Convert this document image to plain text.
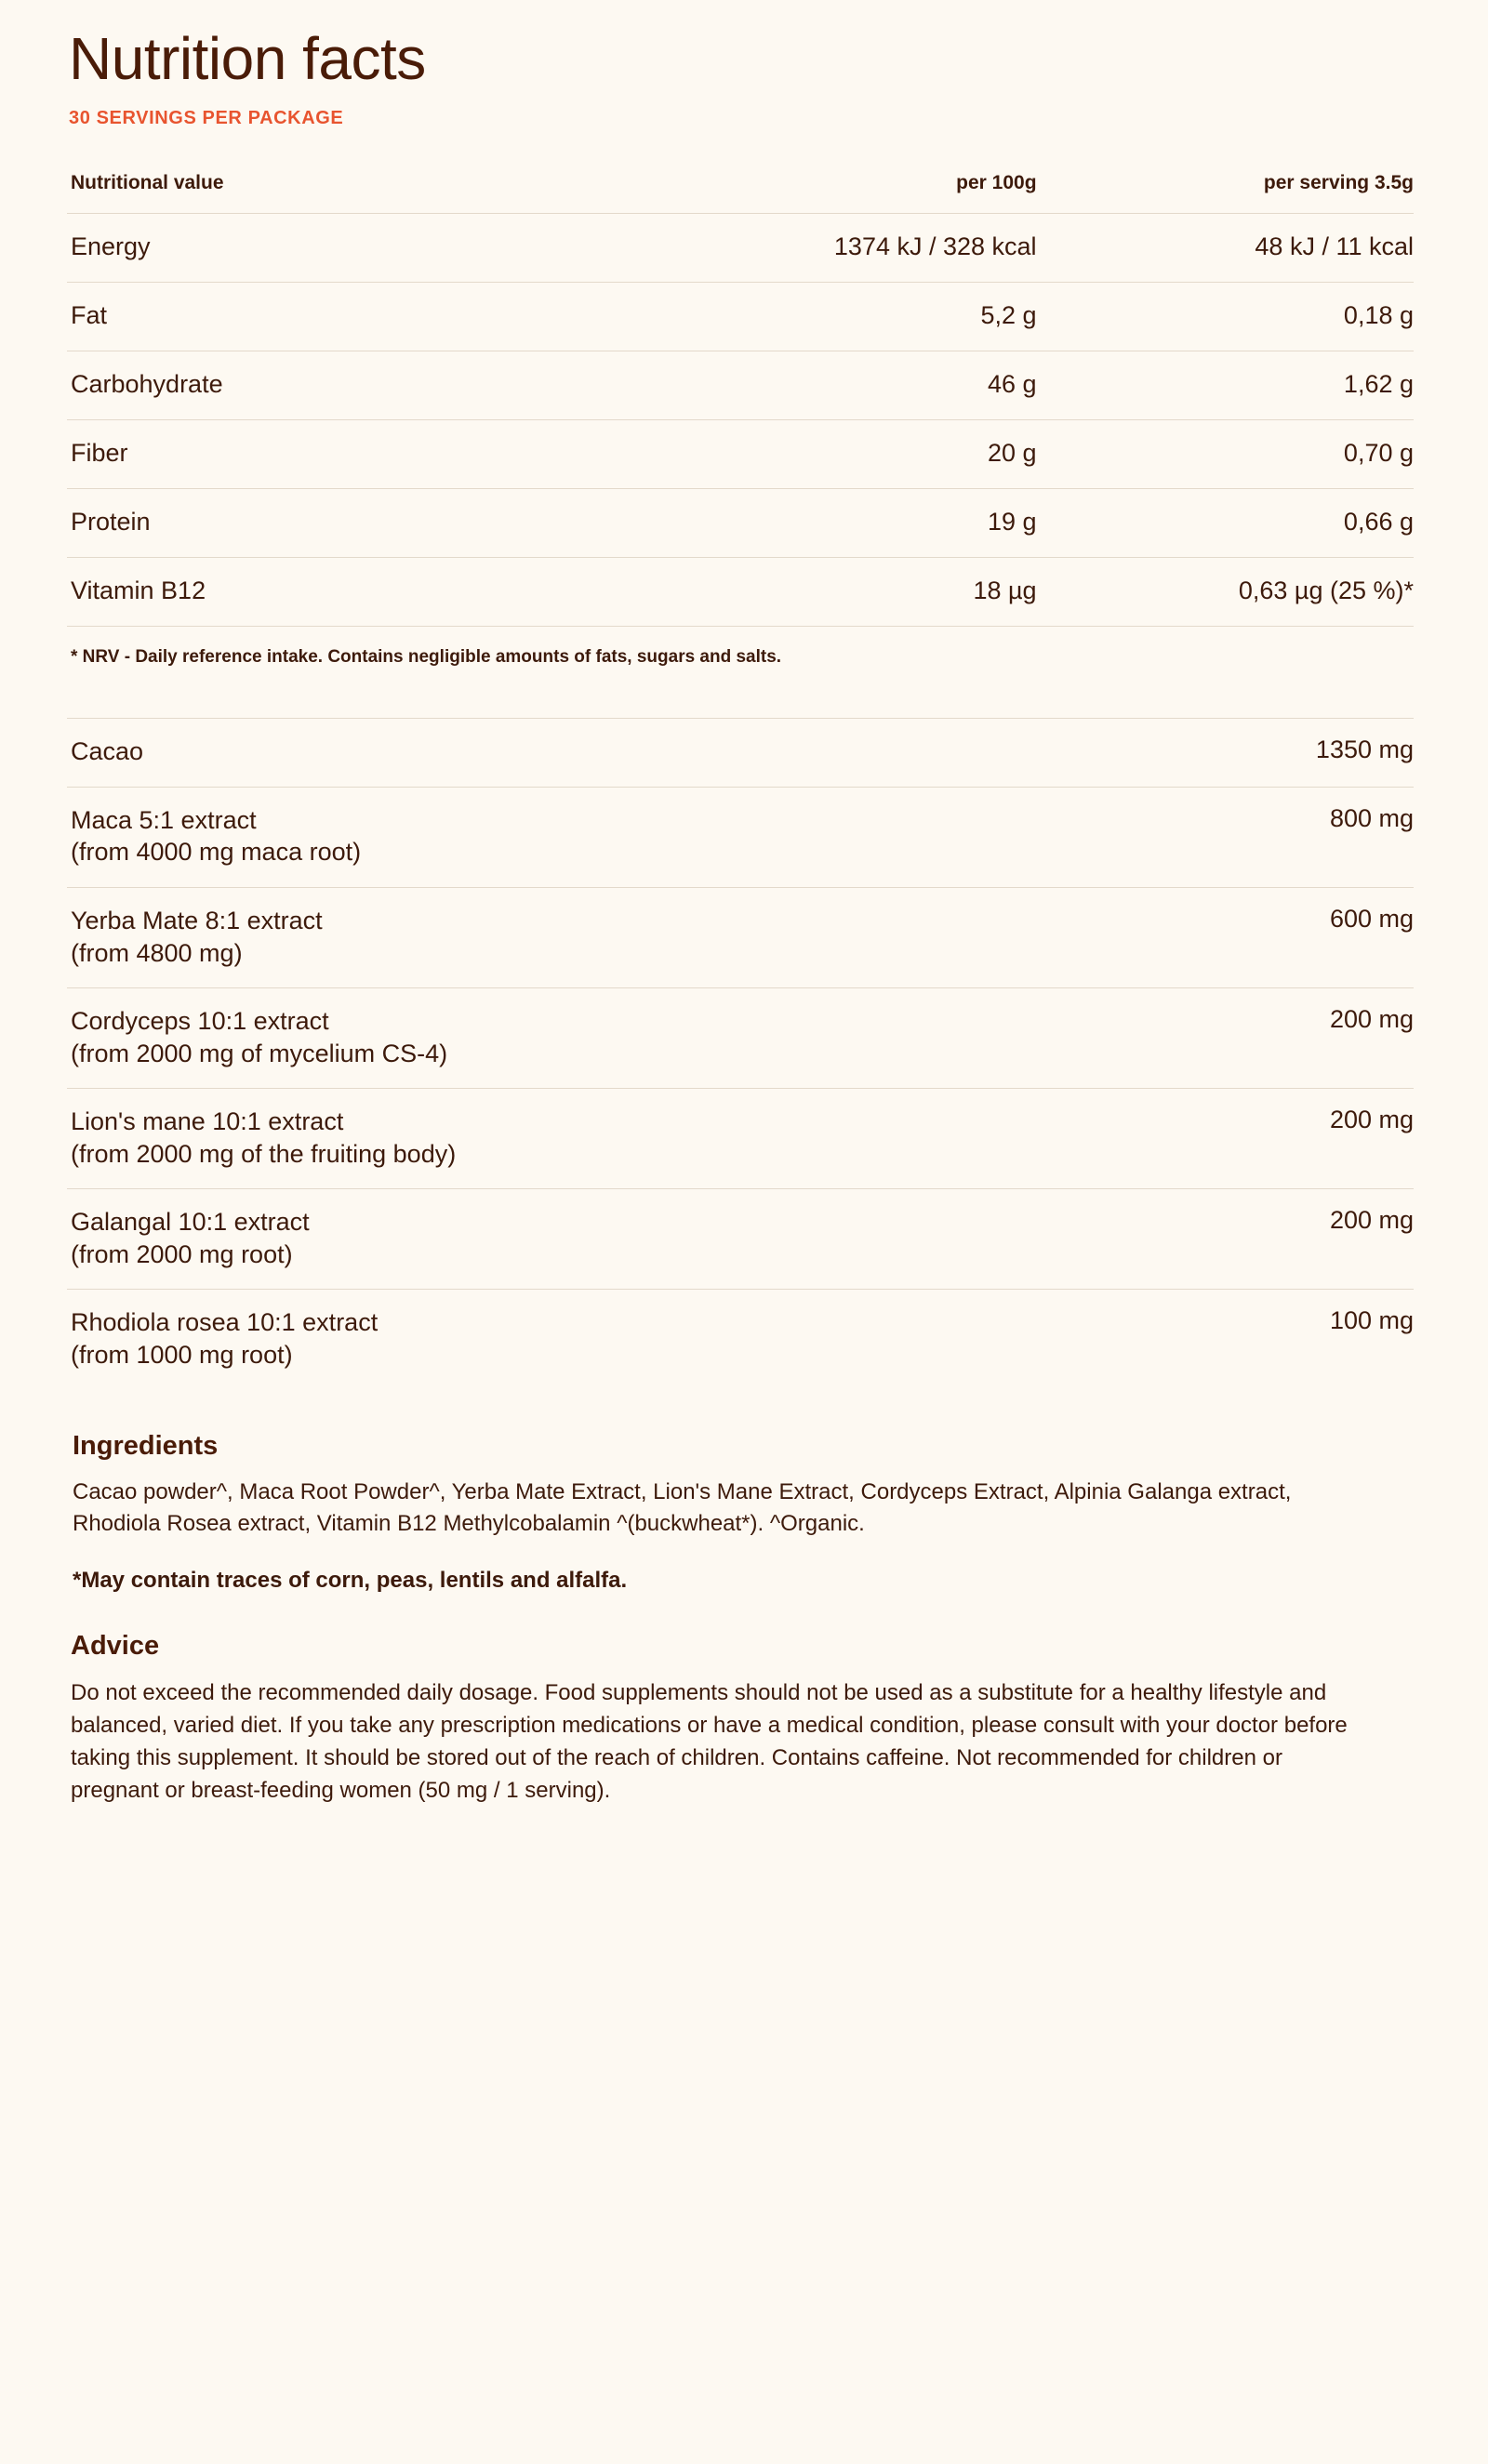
Nutrition facts
30 SERVINGS PER PACKAGE
Nutritional value	per 100g	per serving 3.5g
Energy	1374 kJ / 328 kcal	48 kJ / 11 kcal
Fat	5,2 g	0,18 g
Carbohydrate	46 g	1,62 g
Fiber	20 g	0,70 g
Protein	19 g	0,66 g
Vitamin B12	18 µg	0,63 µg (25 %)*
* NRV - Daily reference intake. Contains negligible amounts of fats, sugars and salts.
Cacao	1350 mg
Maca 5:1 extract
(from 4000 mg maca root)	800 mg
Yerba Mate 8:1 extract
(from 4800 mg)	600 mg
Cordyceps 10:1 extract
(from 2000 mg of mycelium CS-4)	200 mg
Lion's mane 10:1 extract
(from 2000 mg of the fruiting body)	200 mg
Galangal 10:1 extract
(from 2000 mg root)	200 mg
Rhodiola rosea 10:1 extract
(from 1000 mg root)	100 mg
Ingredients

Cacao powder^, Maca Root Powder^, Yerba Mate Extract, Lion's Mane Extract, Cordyceps Extract, Alpinia Galanga extract, Rhodiola Rosea extract, Vitamin B12 Methylcobalamin ^(buckwheat*). ^Organic.

*May contain traces of corn, peas, lentils and alfalfa.

Advice

Do not exceed the recommended daily dosage. Food supplements should not be used as a substitute for a healthy lifestyle and balanced, varied diet. If you take any prescription medications or have a medical condition, please consult with your doctor before taking this supplement. It should be stored out of the reach of children. Contains caffeine. Not recommended for children or pregnant or breast-feeding women (50 mg / 1 serving).
